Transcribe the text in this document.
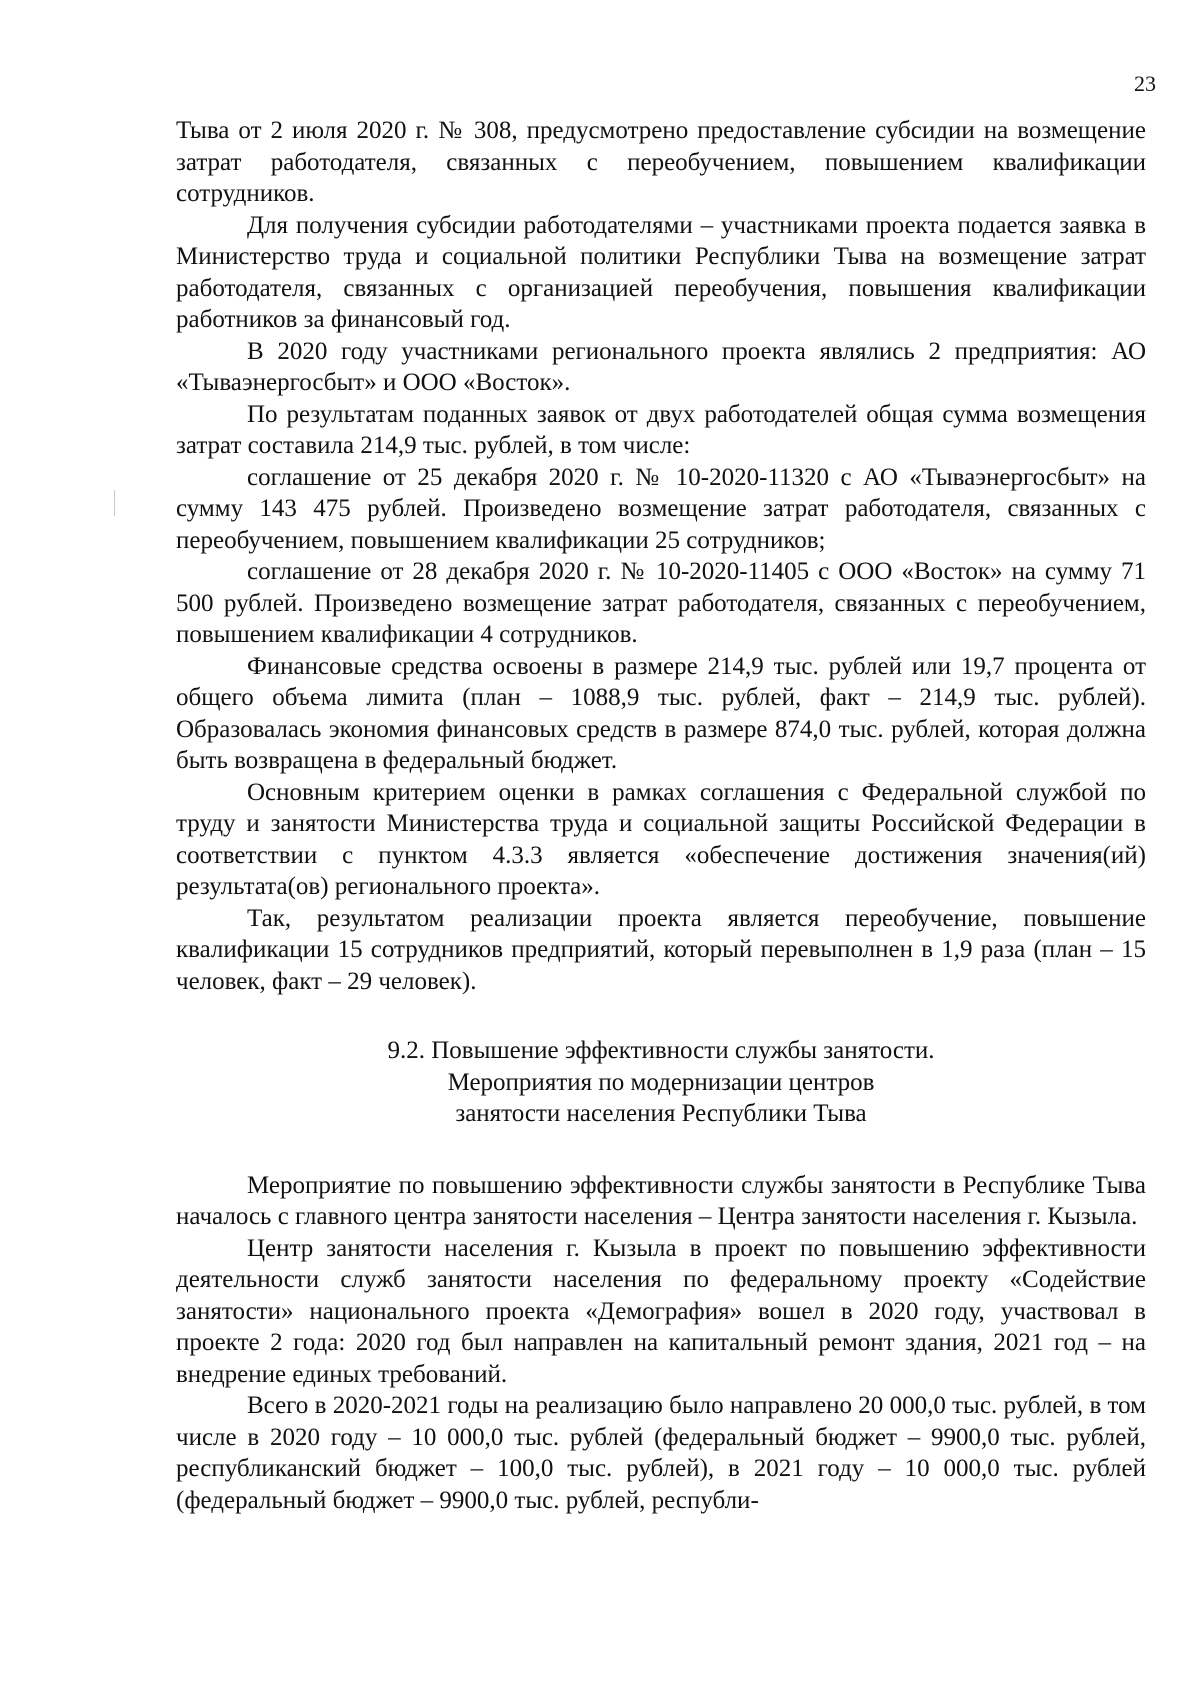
23

Тыва от 2 июля 2020 г. № 308, предусмотрено предоставление субсидии на возмещение затрат работодателя, связанных с переобучением, повышением квалификации сотрудников.

Для получения субсидии работодателями – участниками проекта подается заявка в Министерство труда и социальной политики Республики Тыва на возмещение затрат работодателя, связанных с организацией переобучения, повышения квалификации работников за финансовый год.

В 2020 году участниками регионального проекта являлись 2 предприятия: АО «Тываэнергосбыт» и ООО «Восток».

По результатам поданных заявок от двух работодателей общая сумма возмещения затрат составила 214,9 тыс. рублей, в том числе:

соглашение от 25 декабря 2020 г. № 10-2020-11320 с АО «Тываэнергосбыт» на сумму 143 475 рублей. Произведено возмещение затрат работодателя, связанных с переобучением, повышением квалификации 25 сотрудников;

соглашение от 28 декабря 2020 г. № 10-2020-11405 с ООО «Восток» на сумму 71 500 рублей. Произведено возмещение затрат работодателя, связанных с переобучением, повышением квалификации 4 сотрудников.

Финансовые средства освоены в размере 214,9 тыс. рублей или 19,7 процента от общего объема лимита (план – 1088,9 тыс. рублей, факт – 214,9 тыс. рублей). Образовалась экономия финансовых средств в размере 874,0 тыс. рублей, которая должна быть возвращена в федеральный бюджет.

Основным критерием оценки в рамках соглашения с Федеральной службой по труду и занятости Министерства труда и социальной защиты Российской Федерации в соответствии с пунктом 4.3.3 является «обеспечение достижения значения(ий) результата(ов) регионального проекта».

Так, результатом реализации проекта является переобучение, повышение квалификации 15 сотрудников предприятий, который перевыполнен в 1,9 раза (план – 15 человек, факт – 29 человек).

9.2. Повышение эффективности службы занятости.
Мероприятия по модернизации центров
занятости населения Республики Тыва

Мероприятие по повышению эффективности службы занятости в Республике Тыва началось с главного центра занятости населения – Центра занятости населения г. Кызыла.

Центр занятости населения г. Кызыла в проект по повышению эффективности деятельности служб занятости населения по федеральному проекту «Содействие занятости» национального проекта «Демография» вошел в 2020 году, участвовал в проекте 2 года: 2020 год был направлен на капитальный ремонт здания, 2021 год – на внедрение единых требований.

Всего в 2020-2021 годы на реализацию было направлено 20 000,0 тыс. рублей, в том числе в 2020 году – 10 000,0 тыс. рублей (федеральный бюджет – 9900,0 тыс. рублей, республиканский бюджет – 100,0 тыс. рублей), в 2021 году – 10 000,0 тыс. рублей (федеральный бюджет – 9900,0 тыс. рублей, республи-
